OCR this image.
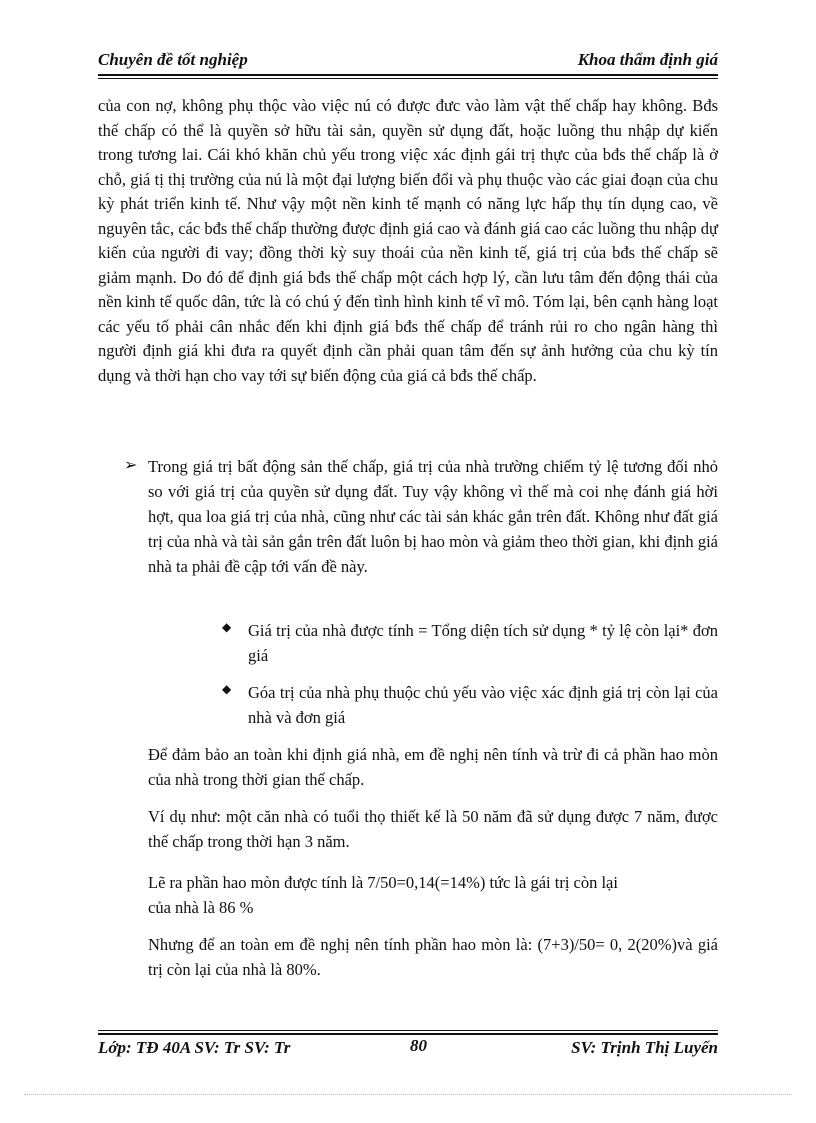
Chuyên đề tốt nghiệp	Khoa thẩm định giá

của con nợ, không phụ thộc vào việc nú có được đưc vào làm vật thế chấp hay không. Bđs thế chấp có thể là quyền sở hữu tài sản, quyền sử dụng đất, hoặc luồng thu nhập dự kiến trong tương lai. Cái khó khăn chủ yếu trong việc xác định gái trị thực của bđs thế chấp là ở chỗ, giá tị thị trường của nú là một đại lượng biến đổi và phụ thuộc vào các giai đoạn của chu kỳ phát triển kinh tế. Như vậy một nền kinh tế mạnh có năng lực hấp thụ tín dụng cao, về nguyên tắc, các bđs thế chấp thường được định giá cao và đánh giá cao các luồng thu nhập dự kiến của người đi vay; đồng thời kỳ suy thoái của nền kinh tế, giá trị của bđs thế chấp sẽ giảm mạnh. Do đó để định giá bđs thế chấp một cách hợp lý, cần lưu tâm đến động thái của nền kinh tế quốc dân, tức là có chú ý đến tình hình kinh tế vĩ mô. Tóm lại, bên cạnh hàng loạt các yếu tố phải cân nhắc đến khi định giá bđs thế chấp để tránh rủi ro cho ngân hàng thì người định giá khi đưa ra quyết định cần phải quan tâm đến sự ảnh hưởng của chu kỳ tín dụng và thời hạn cho vay tới sự biến động của giá cả bđs thế chấp.

➢ Trong giá trị bất động sản thế chấp, giá trị của nhà trường chiếm tỷ lệ tương đối nhỏ so với giá trị của quyền sử dụng đất. Tuy vậy không vì thế mà coi nhẹ đánh giá hời hợt, qua loa giá trị của nhà, cũng như các tài sản khác gắn trên đất. Không như đất giá trị của nhà và tài sản gắn trên đất luôn bị hao mòn và giảm theo thời gian, khi định giá nhà ta phải đề cập tới vấn đề này.

◆ Giá trị của nhà được tính = Tổng diện tích sử dụng * tỷ lệ còn lại* đơn giá

◆ Góa trị của nhà phụ thuộc chủ yếu vào việc xác định giá trị còn lại của nhà và đơn giá

Để đảm bảo an toàn khi định giá nhà, em đề nghị nên tính và trừ đi cả phần hao mòn của nhà trong thời gian thế chấp.

Ví dụ như: một căn nhà có tuổi thọ thiết kế là 50 năm đã sử dụng được 7 năm, được thế chấp trong thời hạn 3 năm.

Lẽ ra phần hao mòn được tính là 7/50=0,14(=14%) tức là gái trị còn lại
của nhà là 86 %

Nhưng để an toàn em đề nghị nên tính phần hao mòn là: (7+3)/50= 0, 2(20%)và giá trị còn lại của nhà là 80%.

Lớp: TĐ 40A SV: Tr SV: Tr	80	SV: Trịnh Thị Luyến
